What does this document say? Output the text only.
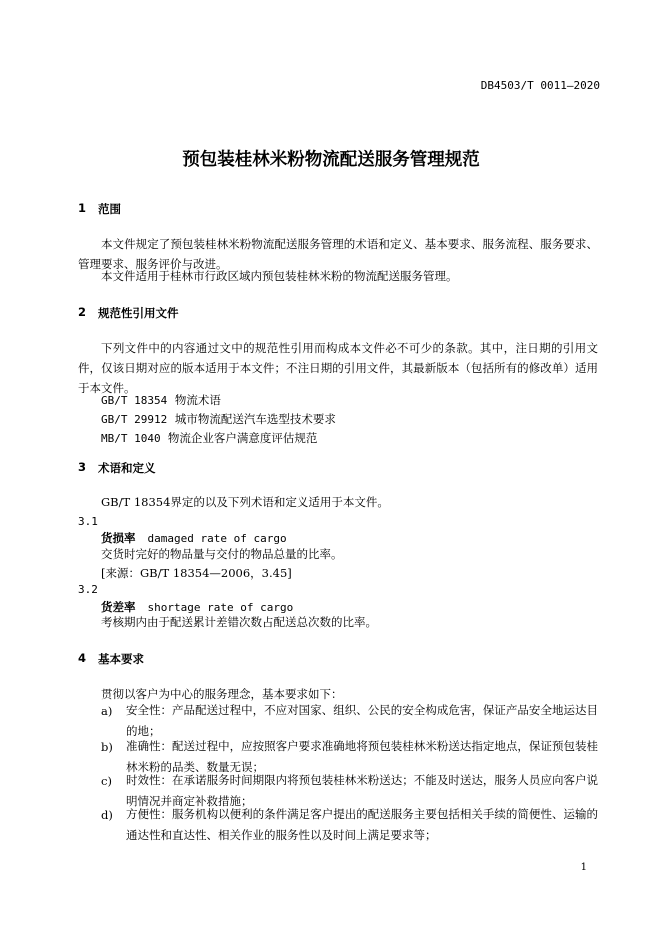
DB4503/T 0011—2020
预包装桂林米粉物流配送服务管理规范
1 范围
本文件规定了预包装桂林米粉物流配送服务管理的术语和定义、基本要求、服务流程、服务要求、管理要求、服务评价与改进。
本文件适用于桂林市行政区域内预包装桂林米粉的物流配送服务管理。
2 规范性引用文件
下列文件中的内容通过文中的规范性引用而构成本文件必不可少的条款。其中，注日期的引用文件，仅该日期对应的版本适用于本文件；不注日期的引用文件，其最新版本（包括所有的修改单）适用于本文件。
GB/T 18354 物流术语
GB/T 29912 城市物流配送汽车选型技术要求
MB/T 1040 物流企业客户满意度评估规范
3 术语和定义
GB/T 18354界定的以及下列术语和定义适用于本文件。
3.1
货损率 damaged rate of cargo
交货时完好的物品量与交付的物品总量的比率。
[来源：GB/T 18354—2006，3.45]
3.2
货差率 shortage rate of cargo
考核期内由于配送累计差错次数占配送总次数的比率。
4 基本要求
贯彻以客户为中心的服务理念，基本要求如下：
a) 安全性：产品配送过程中，不应对国家、组织、公民的安全构成危害，保证产品安全地运达目的地；
b) 准确性：配送过程中，应按照客户要求准确地将预包装桂林米粉送达指定地点，保证预包装桂林米粉的品类、数量无误；
c) 时效性：在承诺服务时间期限内将预包装桂林米粉送达；不能及时送达，服务人员应向客户说明情况并商定补救措施；
d) 方便性：服务机构以便利的条件满足客户提出的配送服务主要包括相关手续的简便性、运输的通达性和直达性、相关作业的服务性以及时间上满足要求等；
1
